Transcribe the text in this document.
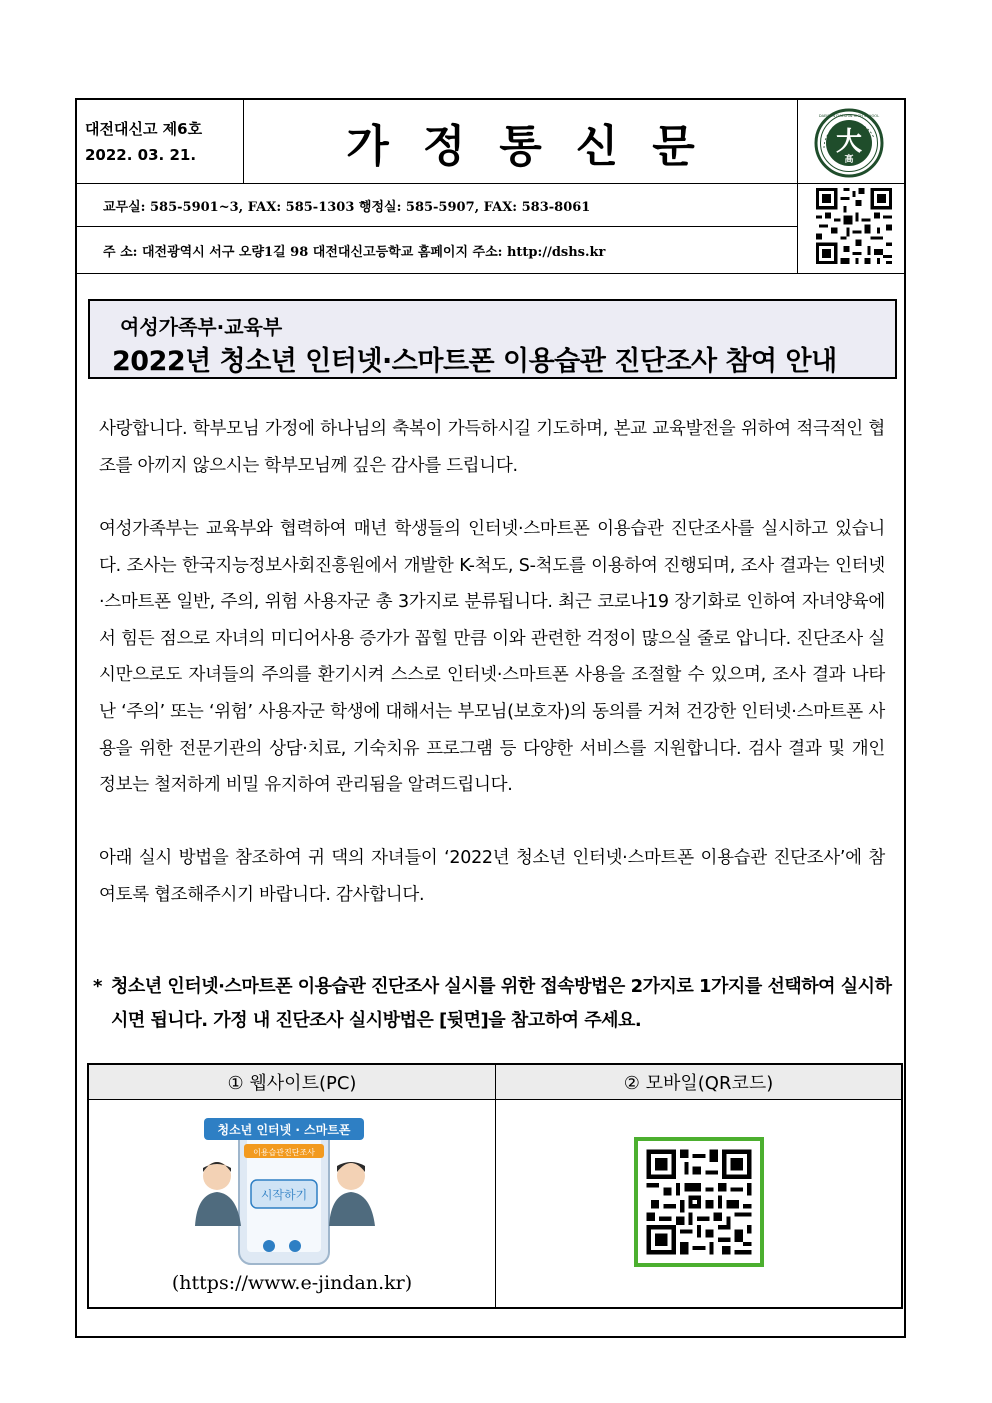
대전대신고 제6호
2022. 03. 21.	가정통신문	大
高
DAEJEON DAESHIN HIGH SCHOOL
교무실: 585-5901~3, FAX: 585-1303 행정실: 585-5907, FAX: 583-8061
주 소: 대전광역시 서구 오량1길 98 대전대신고등학교 홈페이지 주소: http://dshs.kr
여성가족부·교육부
2022년 청소년 인터넷·스마트폰 이용습관 진단조사 참여 안내

사랑합니다. 학부모님 가정에 하나님의 축복이 가득하시길 기도하며, 본교 교육발전을 위하여 적극적인 협조를 아끼지 않으시는 학부모님께 깊은 감사를 드립니다.

여성가족부는 교육부와 협력하여 매년 학생들의 인터넷·스마트폰 이용습관 진단조사를 실시하고 있습니다. 조사는 한국지능정보사회진흥원에서 개발한 K-척도, S-척도를 이용하여 진행되며, 조사 결과는 인터넷·스마트폰 일반, 주의, 위험 사용자군 총 3가지로 분류됩니다. 최근 코로나19 장기화로 인하여 자녀양육에서 힘든 점으로 자녀의 미디어사용 증가가 꼽힐 만큼 이와 관련한 걱정이 많으실 줄로 압니다. 진단조사 실시만으로도 자녀들의 주의를 환기시켜 스스로 인터넷·스마트폰 사용을 조절할 수 있으며, 조사 결과 나타난 ‘주의’ 또는 ‘위험’ 사용자군 학생에 대해서는 부모님(보호자)의 동의를 거쳐 건강한 인터넷·스마트폰 사용을 위한 전문기관의 상담·치료, 기숙치유 프로그램 등 다양한 서비스를 지원합니다. 검사 결과 및 개인 정보는 철저하게 비밀 유지하여 관리됨을 알려드립니다.

아래 실시 방법을 참조하여 귀 댁의 자녀들이 ‘2022년 청소년 인터넷·스마트폰 이용습관 진단조사’에 참여토록 협조해주시기 바랍니다. 감사합니다.

* 청소년 인터넷·스마트폰 이용습관 진단조사 실시를 위한 접속방법은 2가지로 1가지를 선택하여 실시하시면 됩니다. 가정 내 진단조사 실시방법은 [뒷면]을 참고하여 주세요.
① 웹사이트(PC)	② 모바일(QR코드)
청소년 인터넷 · 스마트폰
이용습관진단조사
시작하기
(https://www.e-jindan.kr)
